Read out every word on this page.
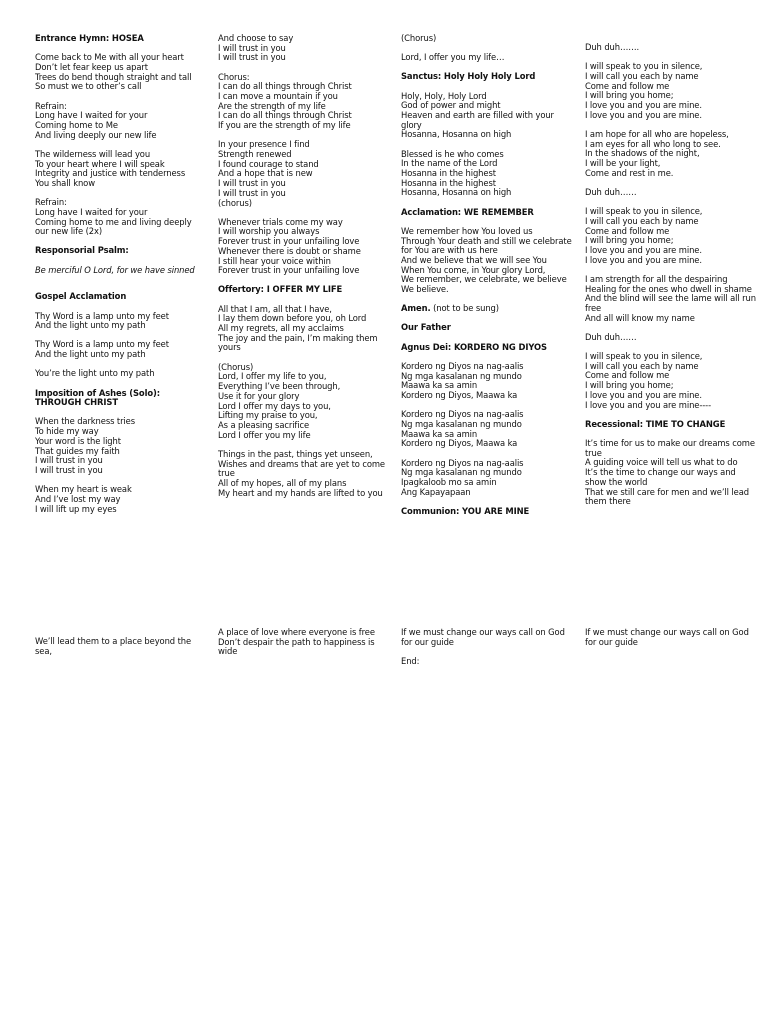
Entrance Hymn: HOSEA

Come back to Me with all your heart
Don’t let fear keep us apart
Trees do bend though straight and tall
So must we to other’s call

Refrain:
Long have I waited for your
Coming home to Me
And living deeply our new life

The wilderness will lead you
To your heart where I will speak
Integrity and justice with tenderness
You shall know

Refrain:
Long have I waited for your
Coming home to me and living deeply our new life (2x)

Responsorial Psalm:

Be merciful O Lord, for we have sinned

Gospel Acclamation

Thy Word is a lamp unto my feet
And the light unto my path

Thy Word is a lamp unto my feet
And the light unto my path

You’re the light unto my path

Imposition of Ashes (Solo): THROUGH CHRIST

When the darkness tries
To hide my way
Your word is the light
That guides my faith
I will trust in you
I will trust in you

When my heart is weak
And I’ve lost my way
I will lift up my eyes

And choose to say
I will trust in you
I will trust in you

Chorus:
I can do all things through Christ
I can move a mountain if you
Are the strength of my life
I can do all things through Christ
If you are the strength of my life

In your presence I find
Strength renewed
I found courage to stand
And a hope that is new
I will trust in you
I will trust in you
(chorus)

Whenever trials come my way
I will worship you always
Forever trust in your unfailing love
Whenever there is doubt or shame
I still hear your voice within
Forever trust in your unfailing love

Offertory: I OFFER MY LIFE

All that I am, all that I have,
I lay them down before you, oh Lord
All my regrets, all my acclaims
The joy and the pain, I’m making them yours

(Chorus)
Lord, I offer my life to you,
Everything I’ve been through,
Use it for your glory
Lord I offer my days to you,
Lifting my praise to you,
As a pleasing sacrifice
Lord I offer you my life

Things in the past, things yet unseen,
Wishes and dreams that are yet to come true
All of my hopes, all of my plans
My heart and my hands are lifted to you

(Chorus)

Lord, I offer you my life…

Sanctus: Holy Holy Holy Lord

Holy, Holy, Holy Lord
God of power and might
Heaven and earth are filled with your glory
Hosanna, Hosanna on high

Blessed is he who comes
In the name of the Lord
Hosanna in the highest
Hosanna in the highest
Hosanna, Hosanna on high

Acclamation: WE REMEMBER

We remember how You loved us
Through Your death and still we celebrate for You are with us here
And we believe that we will see You
When You come, in Your glory Lord,
We remember, we celebrate, we believe
We believe.

Amen. (not to be sung)

Our Father

Agnus Dei: KORDERO NG DIYOS

Kordero ng Diyos na nag-aalis
Ng mga kasalanan ng mundo
Maawa ka sa amin
Kordero ng Diyos, Maawa ka

Kordero ng Diyos na nag-aalis
Ng mga kasalanan ng mundo
Maawa ka sa amin
Kordero ng Diyos, Maawa ka

Kordero ng Diyos na nag-aalis
Ng mga kasalanan ng mundo
Ipagkaloob mo sa amin
Ang Kapayapaan

Communion: YOU ARE MINE

Duh duh…….

I will speak to you in silence,
I will call you each by name
Come and follow me
I will bring you home;
I love you and you are mine.
I love you and you are mine.

I am hope for all who are hopeless,
I am eyes for all who long to see.
In the shadows of the night,
I will be your light,
Come and rest in me.

Duh duh……

I will speak to you in silence,
I will call you each by name
Come and follow me
I will bring you home;
I love you and you are mine.
I love you and you are mine.

I am strength for all the despairing
Healing for the ones who dwell in shame
And the blind will see the lame will all run free
And all will know my name

Duh duh……

I will speak to you in silence,
I will call you each by name
Come and follow me
I will bring you home;
I love you and you are mine.
I love you and you are mine----

Recessional: TIME TO CHANGE

It’s time for us to make our dreams come true
A guiding voice will tell us what to do
It’s the time to change our ways and show the world
That we still care for men and we’ll lead them there

We’ll lead them to a place beyond the sea,

A place of love where everyone is free
Don’t despair the path to happiness is wide

If we must change our ways call on God for our guide

End:

If we must change our ways call on God for our guide
